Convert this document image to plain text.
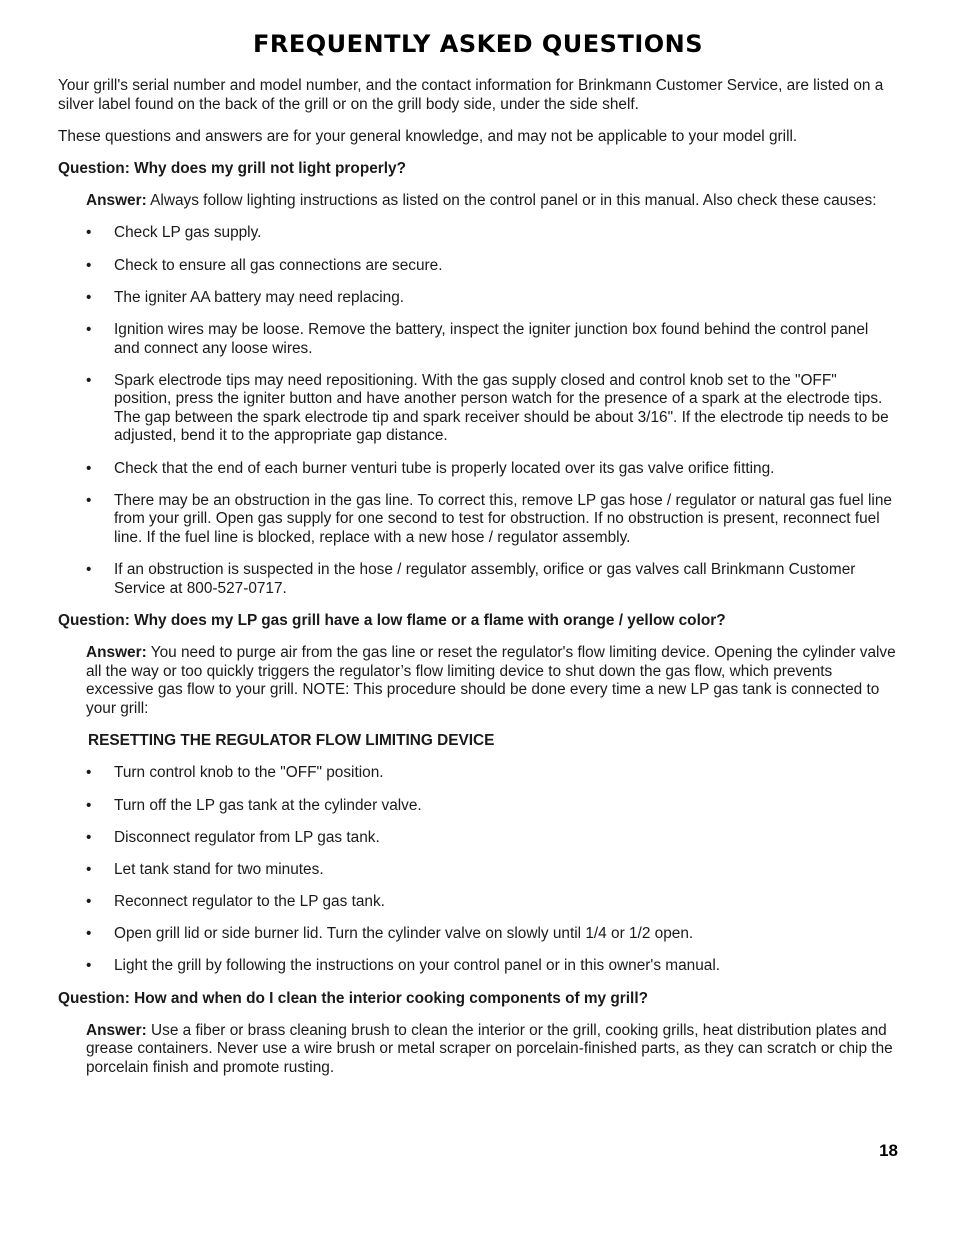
FREQUENTLY ASKED QUESTIONS

Your grill's serial number and model number, and the contact information for Brinkmann Customer Service, are listed on a silver label found on the back of the grill or on the grill body side, under the side shelf.

These questions and answers are for your general knowledge, and may not be applicable to your model grill.

Question: Why does my grill not light properly?

Answer: Always follow lighting instructions as listed on the control panel or in this manual. Also check these causes:

• Check LP gas supply.
• Check to ensure all gas connections are secure.
• The igniter AA battery may need replacing.
• Ignition wires may be loose. Remove the battery, inspect the igniter junction box found behind the control panel and connect any loose wires.
• Spark electrode tips may need repositioning. With the gas supply closed and control knob set to the "OFF" position, press the igniter button and have another person watch for the presence of a spark at the electrode tips. The gap between the spark electrode tip and spark receiver should be about 3/16". If the electrode tip needs to be adjusted, bend it to the appropriate gap distance.
• Check that the end of each burner venturi tube is properly located over its gas valve orifice fitting.
• There may be an obstruction in the gas line. To correct this, remove LP gas hose / regulator or natural gas fuel line from your grill. Open gas supply for one second to test for obstruction. If no obstruction is present, reconnect fuel line. If the fuel line is blocked, replace with a new hose / regulator assembly.
• If an obstruction is suspected in the hose / regulator assembly, orifice or gas valves call Brinkmann Customer Service at 800-527-0717.

Question: Why does my LP gas grill have a low flame or a flame with orange / yellow color?

Answer: You need to purge air from the gas line or reset the regulator's flow limiting device. Opening the cylinder valve all the way or too quickly triggers the regulator’s flow limiting device to shut down the gas flow, which prevents excessive gas flow to your grill. NOTE: This procedure should be done every time a new LP gas tank is connected to your grill:

RESETTING THE REGULATOR FLOW LIMITING DEVICE

• Turn control knob to the "OFF" position.
• Turn off the LP gas tank at the cylinder valve.
• Disconnect regulator from LP gas tank.
• Let tank stand for two minutes.
• Reconnect regulator to the LP gas tank.
• Open grill lid or side burner lid. Turn the cylinder valve on slowly until 1/4 or 1/2 open.
• Light the grill by following the instructions on your control panel or in this owner's manual.

Question: How and when do I clean the interior cooking components of my grill?

Answer: Use a fiber or brass cleaning brush to clean the interior or the grill, cooking grills, heat distribution plates and grease containers. Never use a wire brush or metal scraper on porcelain-finished parts, as they can scratch or chip the porcelain finish and promote rusting.

18
